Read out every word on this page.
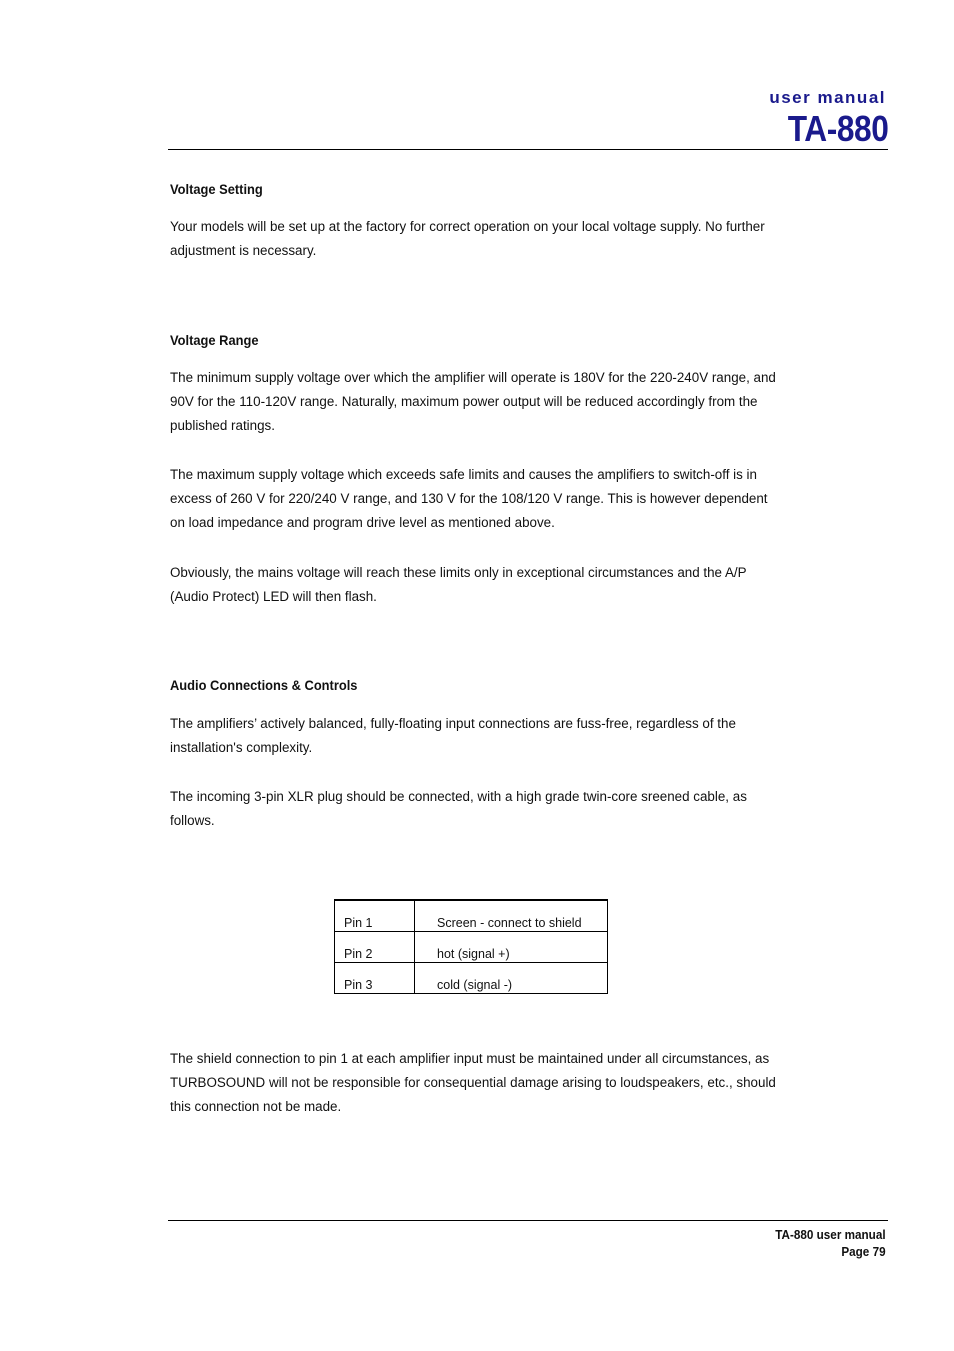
user manual
TA-880
Voltage Setting

Your models will be set up at the factory for correct operation on your local voltage supply. No further adjustment is necessary.

Voltage Range

The minimum supply voltage over which the amplifier will operate is 180V for the 220-240V range, and 90V for the 110-120V range. Naturally, maximum power output will be reduced accordingly from the published ratings.

The maximum supply voltage which exceeds safe limits and causes the amplifiers to switch-off is in excess of 260 V for 220/240 V range, and 130 V for the 108/120 V range. This is however dependent on load impedance and program drive level as mentioned above.

Obviously, the mains voltage will reach these limits only in exceptional circumstances and the A/P (Audio Protect) LED will then flash.

Audio Connections & Controls

The amplifiers’ actively balanced, fully-floating input connections are fuss-free, regardless of the installation's complexity.

The incoming 3-pin XLR plug should be connected, with a high grade twin-core sreened cable, as follows.

Pin 1	Screen - connect to shield
Pin 2	hot (signal +)
Pin 3	cold (signal -)

The shield connection to pin 1 at each amplifier input must be maintained under all circumstances, as TURBOSOUND will not be responsible for consequential damage arising to loudspeakers, etc., should this connection not be made.

TA-880 user manual
Page 79
